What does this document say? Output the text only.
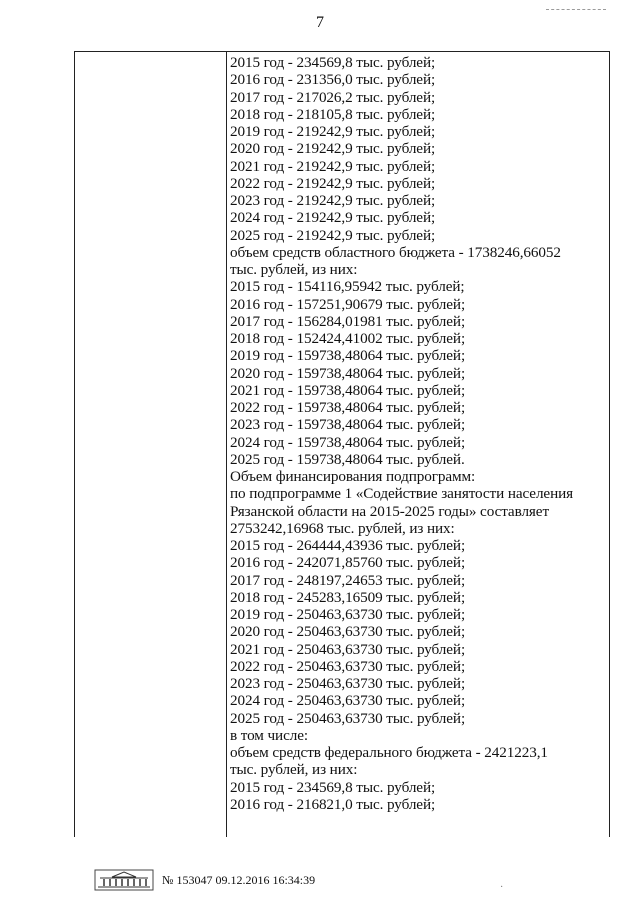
7
2015 год - 234569,8 тыс. рублей;
2016 год - 231356,0 тыс. рублей;
2017 год - 217026,2 тыс. рублей;
2018 год - 218105,8 тыс. рублей;
2019 год - 219242,9 тыс. рублей;
2020 год - 219242,9 тыс. рублей;
2021 год - 219242,9 тыс. рублей;
2022 год - 219242,9 тыс. рублей;
2023 год - 219242,9 тыс. рублей;
2024 год - 219242,9 тыс. рублей;
2025 год - 219242,9 тыс. рублей;
объем средств областного бюджета - 1738246,66052
тыс. рублей, из них:
2015 год - 154116,95942 тыс. рублей;
2016 год - 157251,90679 тыс. рублей;
2017 год - 156284,01981 тыс. рублей;
2018 год - 152424,41002 тыс. рублей;
2019 год - 159738,48064 тыс. рублей;
2020 год - 159738,48064 тыс. рублей;
2021 год - 159738,48064 тыс. рублей;
2022 год - 159738,48064 тыс. рублей;
2023 год - 159738,48064 тыс. рублей;
2024 год - 159738,48064 тыс. рублей;
2025 год - 159738,48064 тыс. рублей.
Объем финансирования подпрограмм:
по подпрограмме 1 «Содействие занятости населения
Рязанской области на 2015-2025 годы» составляет
2753242,16968 тыс. рублей, из них:
2015 год - 264444,43936 тыс. рублей;
2016 год - 242071,85760 тыс. рублей;
2017 год - 248197,24653 тыс. рублей;
2018 год - 245283,16509 тыс. рублей;
2019 год - 250463,63730 тыс. рублей;
2020 год - 250463,63730 тыс. рублей;
2021 год - 250463,63730 тыс. рублей;
2022 год - 250463,63730 тыс. рублей;
2023 год - 250463,63730 тыс. рублей;
2024 год - 250463,63730 тыс. рублей;
2025 год - 250463,63730 тыс. рублей;
в том числе:
объем средств федерального бюджета - 2421223,1
тыс. рублей, из них:
2015 год - 234569,8 тыс. рублей;
2016 год - 216821,0 тыс. рублей;
№ 153047 09.12.2016 16:34:39
·
